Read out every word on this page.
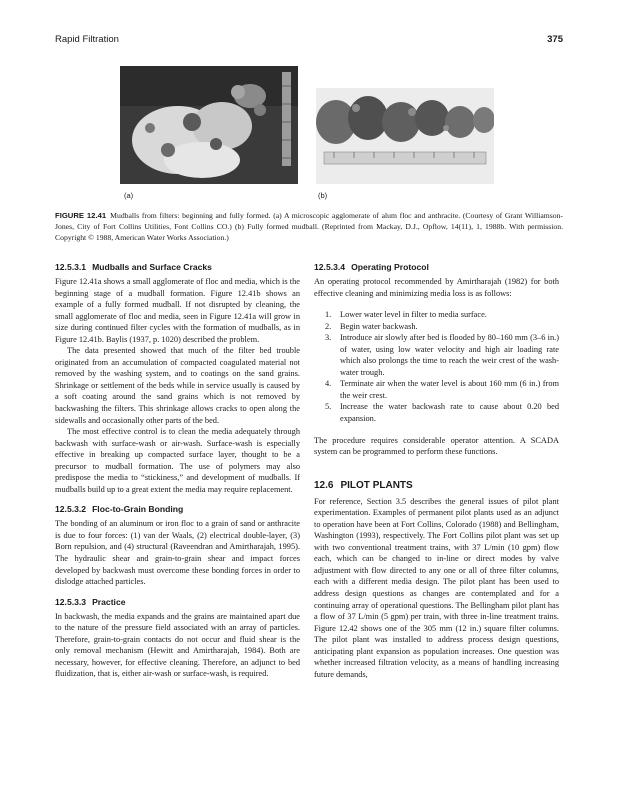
Rapid Filtration	375
(a)	(b)

FIGURE 12.41 Mudballs from filters: beginning and fully formed. (a) A microscopic agglomerate of alum floc and anthracite. (Courtesy of Grant Williamson-Jones, City of Fort Collins Utilities, Font Collins CO.) (b) Fully formed mudball. (Reprinted from Mackay, D.J., Opflow, 14(11), 1, 1988b. With permission. Copyright © 1988, American Water Works Association.)

12.5.3.1 Mudballs and Surface Cracks

Figure 12.41a shows a small agglomerate of floc and media, which is the beginning stage of a mudball formation. Figure 12.41b shows an example of a fully formed mudball. If not disrupted by cleaning, the small agglomerate of floc and media, seen in Figure 12.41a will grow in size during continued filter cycles with the formation of mudballs, as in Figure 12.41b. Baylis (1937, p. 1020) described the problem.

The data presented showed that much of the filter bed trouble originated from an accumulation of compacted coagulated material not removed by the washing system, and to coatings on the sand grains. Shrinkage or settlement of the beds while in service usually is caused by a soft coating around the sand grains which is not removed by backwashing the filters. This shrinkage allows cracks to open along the sidewalls and occasionally other parts of the bed.

The most effective control is to clean the media adequately through backwash with surface-wash or air-wash. Surface-wash is especially effective in breaking up compacted surface layer, thought to be a precursor to mudball formation. The use of polymers may also predispose the media to “stickiness,” and development of mudballs. If mudballs build up to a great extent the media may require replacement.

12.5.3.2 Floc-to-Grain Bonding

The bonding of an aluminum or iron floc to a grain of sand or anthracite is due to four forces: (1) van der Waals, (2) electrical double-layer, (3) Born repulsion, and (4) structural (Raveendran and Amirtharajah, 1995). The hydraulic shear and grain-to-grain shear and impact forces developed by backwash must overcome these bonding forces in order to dislodge attached particles.

12.5.3.3 Practice

In backwash, the media expands and the grains are maintained apart due to the nature of the pressure field associated with an array of particles. Therefore, grain-to-grain contacts do not occur and fluid shear is the only removal mechanism (Hewitt and Amirtharajah, 1984). Both are necessary, however, for effective cleaning. Therefore, an adjunct to bed fluidization, that is, either air-wash or surface-wash, is required.

12.5.3.4 Operating Protocol

An operating protocol recommended by Amirtharajah (1982) for both effective cleaning and minimizing media loss is as follows:

1. Lower water level in filter to media surface.
2. Begin water backwash.
3. Introduce air slowly after bed is flooded by 80–160 mm (3–6 in.) of water, using low water velocity and high air loading rate which also prolongs the time to reach the weir crest of the wash-water trough.
4. Terminate air when the water level is about 160 mm (6 in.) from the weir crest.
5. Increase the water backwash rate to cause about 0.20 bed expansion.

The procedure requires considerable operator attention. A SCADA system can be programmed to perform these functions.

12.6 PILOT PLANTS

For reference, Section 3.5 describes the general issues of pilot plant experimentation. Examples of permanent pilot plants used as an adjunct to operation have been at Fort Collins, Colorado (1988) and Bellingham, Washington (1993), respectively. The Fort Collins pilot plant was set up with two conventional treatment trains, with 37 L/min (10 gpm) flow each, which can be changed to in-line or direct modes by valve adjustment with flow directed to any one or all of three filter columns, each with a different media design. The pilot plant has been used to address design questions as changes are contemplated and for a continuing array of operational questions. The Bellingham pilot plant has a flow of 37 L/min (5 gpm) per train, with three in-line treatment trains. Figure 12.42 shows one of the 305 mm (12 in.) square filter columns. The pilot plant was installed to address process design questions, anticipating plant expansion as population increases. One question was whether increased filtration velocity, as a means of handling increasing future demands,
